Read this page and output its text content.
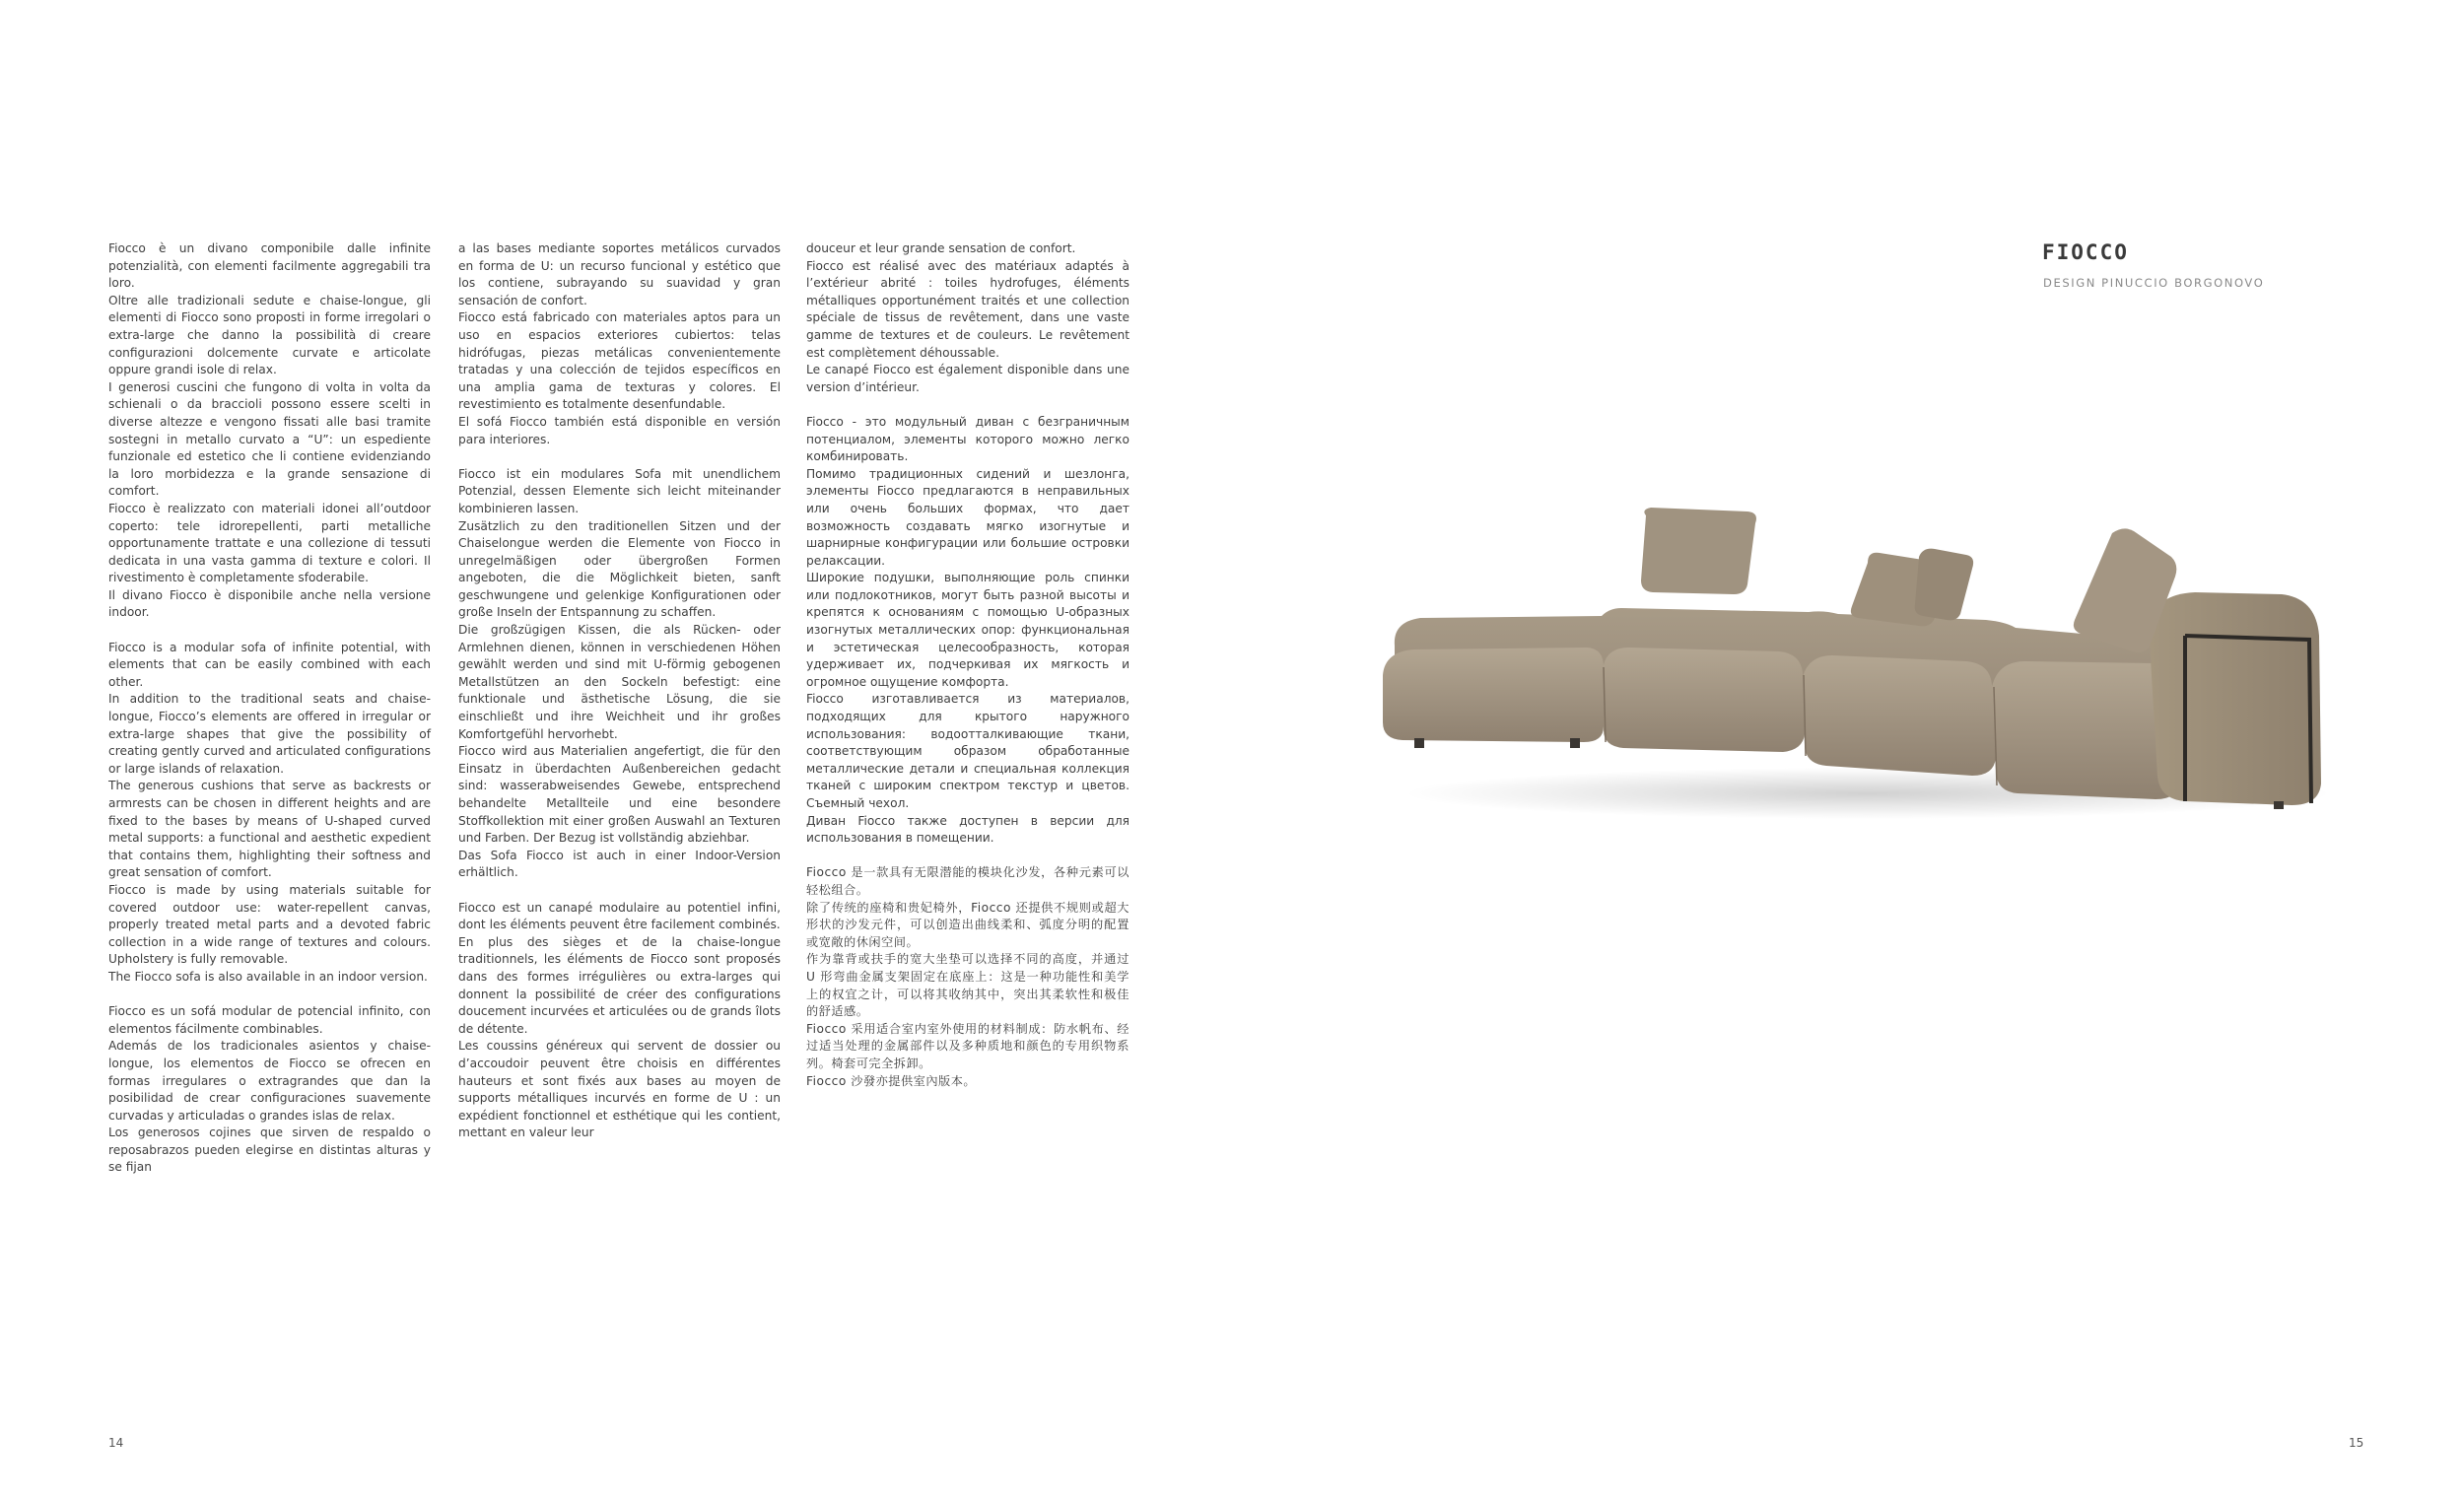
Fiocco è un divano componibile dalle infinite potenzialità, con elementi facilmente aggregabili tra loro.
Oltre alle tradizionali sedute e chaise-longue, gli elementi di Fiocco sono proposti in forme irregolari o extra-large che danno la possibilità di creare configurazioni dolcemente curvate e articolate oppure grandi isole di relax.
I generosi cuscini che fungono di volta in volta da schienali o da braccioli possono essere scelti in diverse altezze e vengono fissati alle basi tramite sostegni in metallo curvato a “U”: un espediente funzionale ed estetico che li contiene evidenziando la loro morbidezza e la grande sensazione di comfort.
Fiocco è realizzato con materiali idonei all’outdoor coperto: tele idrorepellenti, parti metalliche opportunamente trattate e una collezione di tessuti dedicata in una vasta gamma di texture e colori. Il rivestimento è completamente sfoderabile.
Il divano Fiocco è disponibile anche nella versione indoor.

Fiocco is a modular sofa of infinite potential, with elements that can be easily combined with each other.
In addition to the traditional seats and chaise-longue, Fiocco’s elements are offered in irregular or extra-large shapes that give the possibility of creating gently curved and articulated configurations or large islands of relaxation.
The generous cushions that serve as backrests or armrests can be chosen in different heights and are fixed to the bases by means of U-shaped curved metal supports: a functional and aesthetic expedient that contains them, highlighting their softness and great sensation of comfort.
Fiocco is made by using materials suitable for covered outdoor use: water-repellent canvas, properly treated metal parts and a devoted fabric collection in a wide range of textures and colours. Upholstery is fully removable.
The Fiocco sofa is also available in an indoor version.

Fiocco es un sofá modular de potencial infinito, con elementos fácilmente combinables.
Además de los tradicionales asientos y chaise-longue, los elementos de Fiocco se ofrecen en formas irregulares o extragrandes que dan la posibilidad de crear configuraciones suavemente curvadas y articuladas o grandes islas de relax.
Los generosos cojines que sirven de respaldo o reposabrazos pueden elegirse en distintas alturas y se fijan

a las bases mediante soportes metálicos curvados en forma de U: un recurso funcional y estético que los contiene, subrayando su suavidad y gran sensación de confort.
Fiocco está fabricado con materiales aptos para un uso en espacios exteriores cubiertos: telas hidrófugas, piezas metálicas convenientemente tratadas y una colección de tejidos específicos en una amplia gama de texturas y colores. El revestimiento es totalmente desenfundable.
El sofá Fiocco también está disponible en versión para interiores.

Fiocco ist ein modulares Sofa mit unendlichem Potenzial, dessen Elemente sich leicht miteinander kombinieren lassen.
Zusätzlich zu den traditionellen Sitzen und der Chaiselongue werden die Elemente von Fiocco in unregelmäßigen oder übergroßen Formen angeboten, die die Möglichkeit bieten, sanft geschwungene und gelenkige Konfigurationen oder große Inseln der Entspannung zu schaffen.
Die großzügigen Kissen, die als Rücken- oder Armlehnen dienen, können in verschiedenen Höhen gewählt werden und sind mit U-förmig gebogenen Metallstützen an den Sockeln befestigt: eine funktionale und ästhetische Lösung, die sie einschließt und ihre Weichheit und ihr großes Komfortgefühl hervorhebt.
Fiocco wird aus Materialien angefertigt, die für den Einsatz in überdachten Außenbereichen gedacht sind: wasserabweisendes Gewebe, entsprechend behandelte Metallteile und eine besondere Stoffkollektion mit einer großen Auswahl an Texturen und Farben. Der Bezug ist vollständig abziehbar.
Das Sofa Fiocco ist auch in einer Indoor-Version erhältlich.

Fiocco est un canapé modulaire au potentiel infini, dont les éléments peuvent être facilement combinés.
En plus des sièges et de la chaise-longue traditionnels, les éléments de Fiocco sont proposés dans des formes irrégulières ou extra-larges qui donnent la possibilité de créer des configurations doucement incurvées et articulées ou de grands îlots de détente.
Les coussins généreux qui servent de dossier ou d’accoudoir peuvent être choisis en différentes hauteurs et sont fixés aux bases au moyen de supports métalliques incurvés en forme de U : un expédient fonctionnel et esthétique qui les contient, mettant en valeur leur

douceur et leur grande sensation de confort.
Fiocco est réalisé avec des matériaux adaptés à l’extérieur abrité : toiles hydrofuges, éléments métalliques opportunément traités et une collection spéciale de tissus de revêtement, dans une vaste gamme de textures et de couleurs. Le revêtement est complètement déhoussable.
Le canapé Fiocco est également disponible dans une version d’intérieur.

Fiocco - это модульный диван с безграничным потенциалом, элементы которого можно легко комбинировать.
Помимо традиционных сидений и шезлонга, элементы Fiocco предлагаются в неправильных или очень больших формах, что дает возможность создавать мягко изогнутые и шарнирные конфигурации или большие островки релаксации.
Широкие подушки, выполняющие роль спинки или подлокотников, могут быть разной высоты и крепятся к основаниям с помощью U-образных изогнутых металлических опор: функциональная и эстетическая целесообразность, которая удерживает их, подчеркивая их мягкость и огромное ощущение комфорта.
Fiocco изготавливается из материалов, подходящих для крытого наружного использования: водоотталкивающие ткани, соответствующим образом обработанные металлические детали и специальная коллекция тканей с широким спектром текстур и цветов. Съемный чехол.
Диван Fiocco также доступен в версии для использования в помещении.

Fiocco 是一款具有无限潜能的模块化沙发，各种元素可以轻松组合。
除了传统的座椅和贵妃椅外，Fiocco 还提供不规则或超大形状的沙发元件，可以创造出曲线柔和、弧度分明的配置或宽敞的休闲空间。
作为靠背或扶手的宽大坐垫可以选择不同的高度，并通过 U 形弯曲金属支架固定在底座上：这是一种功能性和美学上的权宜之计，可以将其收纳其中，突出其柔软性和极佳的舒适感。
Fiocco 采用适合室内室外使用的材料制成：防水帆布、经过适当处理的金属部件以及多种质地和颜色的专用织物系列。椅套可完全拆卸。
Fiocco 沙發亦提供室內版本。

FIOCCO
DESIGN PINUCCIO BORGONOVO
14	15
